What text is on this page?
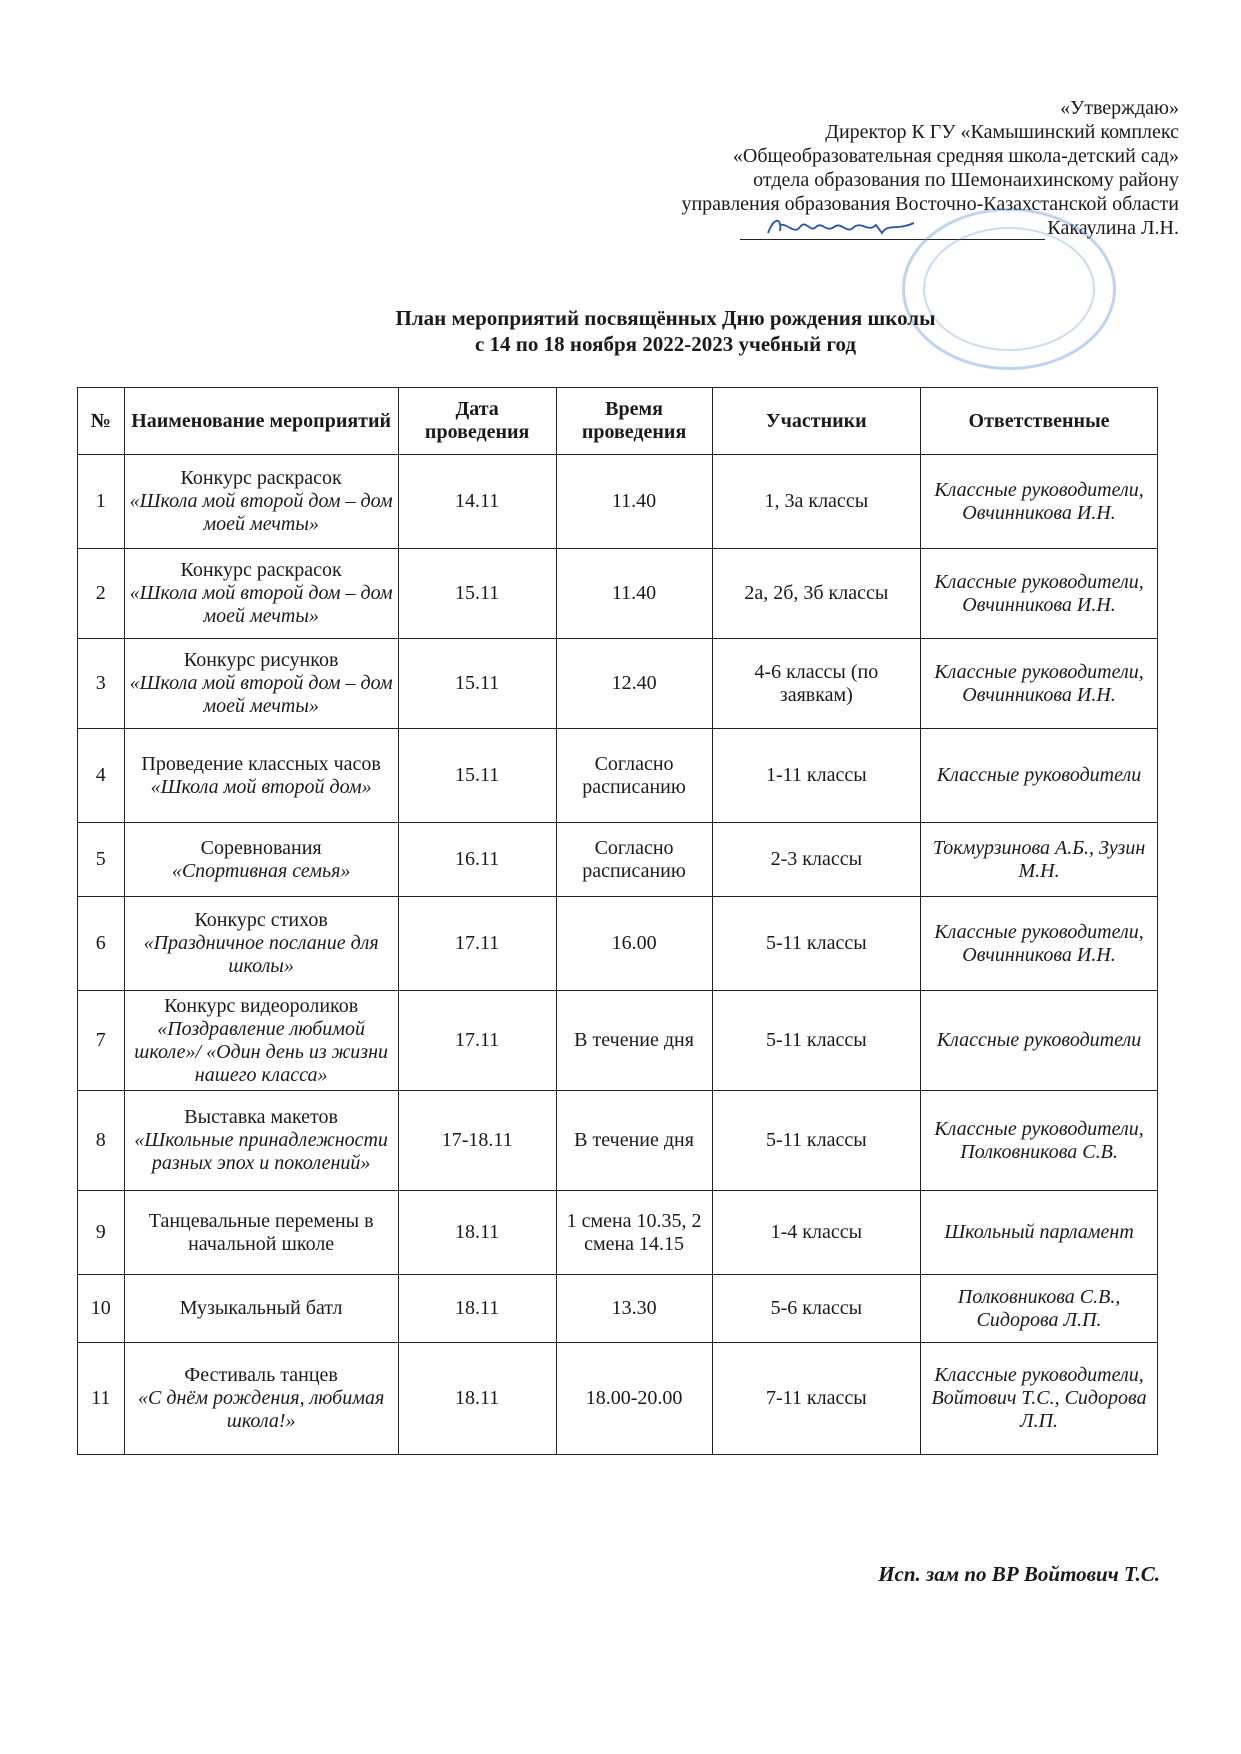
«Утверждаю»
Директор К ГУ «Камышинский комплекс
«Общеобразовательная средняя школа-детский сад»
отдела образования по Шемонаихинскому району
управления образования Восточно-Казахстанской области
Какаулина Л.Н.
План мероприятий посвящённых Дню рождения школы
с 14 по 18 ноября 2022-2023 учебный год
№	Наименование мероприятий	Дата проведения	Время проведения	Участники	Ответственные

1	Конкурс раскрасок
«Школа мой второй дом – дом моей мечты»	14.11	11.40	1, 3а классы	Классные руководители, Овчинникова И.Н.

2	Конкурс раскрасок
«Школа мой второй дом – дом моей мечты»	15.11	11.40	2а, 2б, 3б классы	Классные руководители, Овчинникова И.Н.

3	Конкурс рисунков
«Школа мой второй дом – дом моей мечты»	15.11	12.40	4-6 классы (по заявкам)	Классные руководители, Овчинникова И.Н.

4	Проведение классных часов
«Школа мой второй дом»	15.11	Согласно расписанию	1-11 классы	Классные руководители

5	Соревнования
«Спортивная семья»	16.11	Согласно расписанию	2-3 классы	Токмурзинова А.Б., Зузин М.Н.

6	Конкурс стихов
«Праздничное послание для школы»	17.11	16.00	5-11 классы	Классные руководители, Овчинникова И.Н.

7	Конкурс видеороликов
«Поздравление любимой школе»/ «Один день из жизни нашего класса»	17.11	В течение дня	5-11 классы	Классные руководители

8	Выставка макетов
«Школьные принадлежности разных эпох и поколений»	17-18.11	В течение дня	5-11 классы	Классные руководители, Полковникова С.В.

9	Танцевальные перемены в начальной школе	18.11	1 смена 10.35, 2 смена 14.15	1-4 классы	Школьный парламент

10	Музыкальный батл	18.11	13.30	5-6 классы	Полковникова С.В., Сидорова Л.П.

11	Фестиваль танцев
«С днём рождения, любимая школа!»	18.11	18.00-20.00	7-11 классы	Классные руководители, Войтович Т.С., Сидорова Л.П.
Исп. зам по ВР Войтович Т.С.
